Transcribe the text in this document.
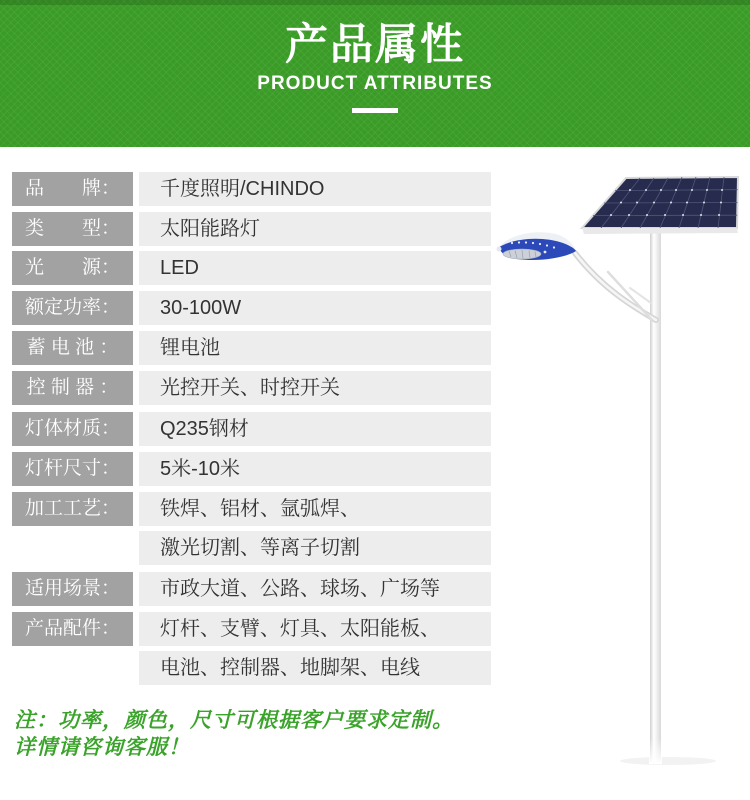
产品属性
PRODUCT ATTRIBUTES
品　　牌：	千度照明/CHINDO
类　　型：	太阳能路灯
光　　源：	LED
额定功率：	30-100W
蓄 电 池 ：	锂电池
控 制 器 ：	光控开关、时控开关
灯体材质：	Q235钢材
灯杆尺寸：	5米-10米
加工工艺：	铁焊、铝材、氩弧焊、
激光切割、等离子切割
适用场景：	市政大道、公路、球场、广场等
产品配件：	灯杆、支臂、灯具、太阳能板、
电池、控制器、地脚架、电线
注：功率，颜色，尺寸可根据客户要求定制。
详情请咨询客服！
